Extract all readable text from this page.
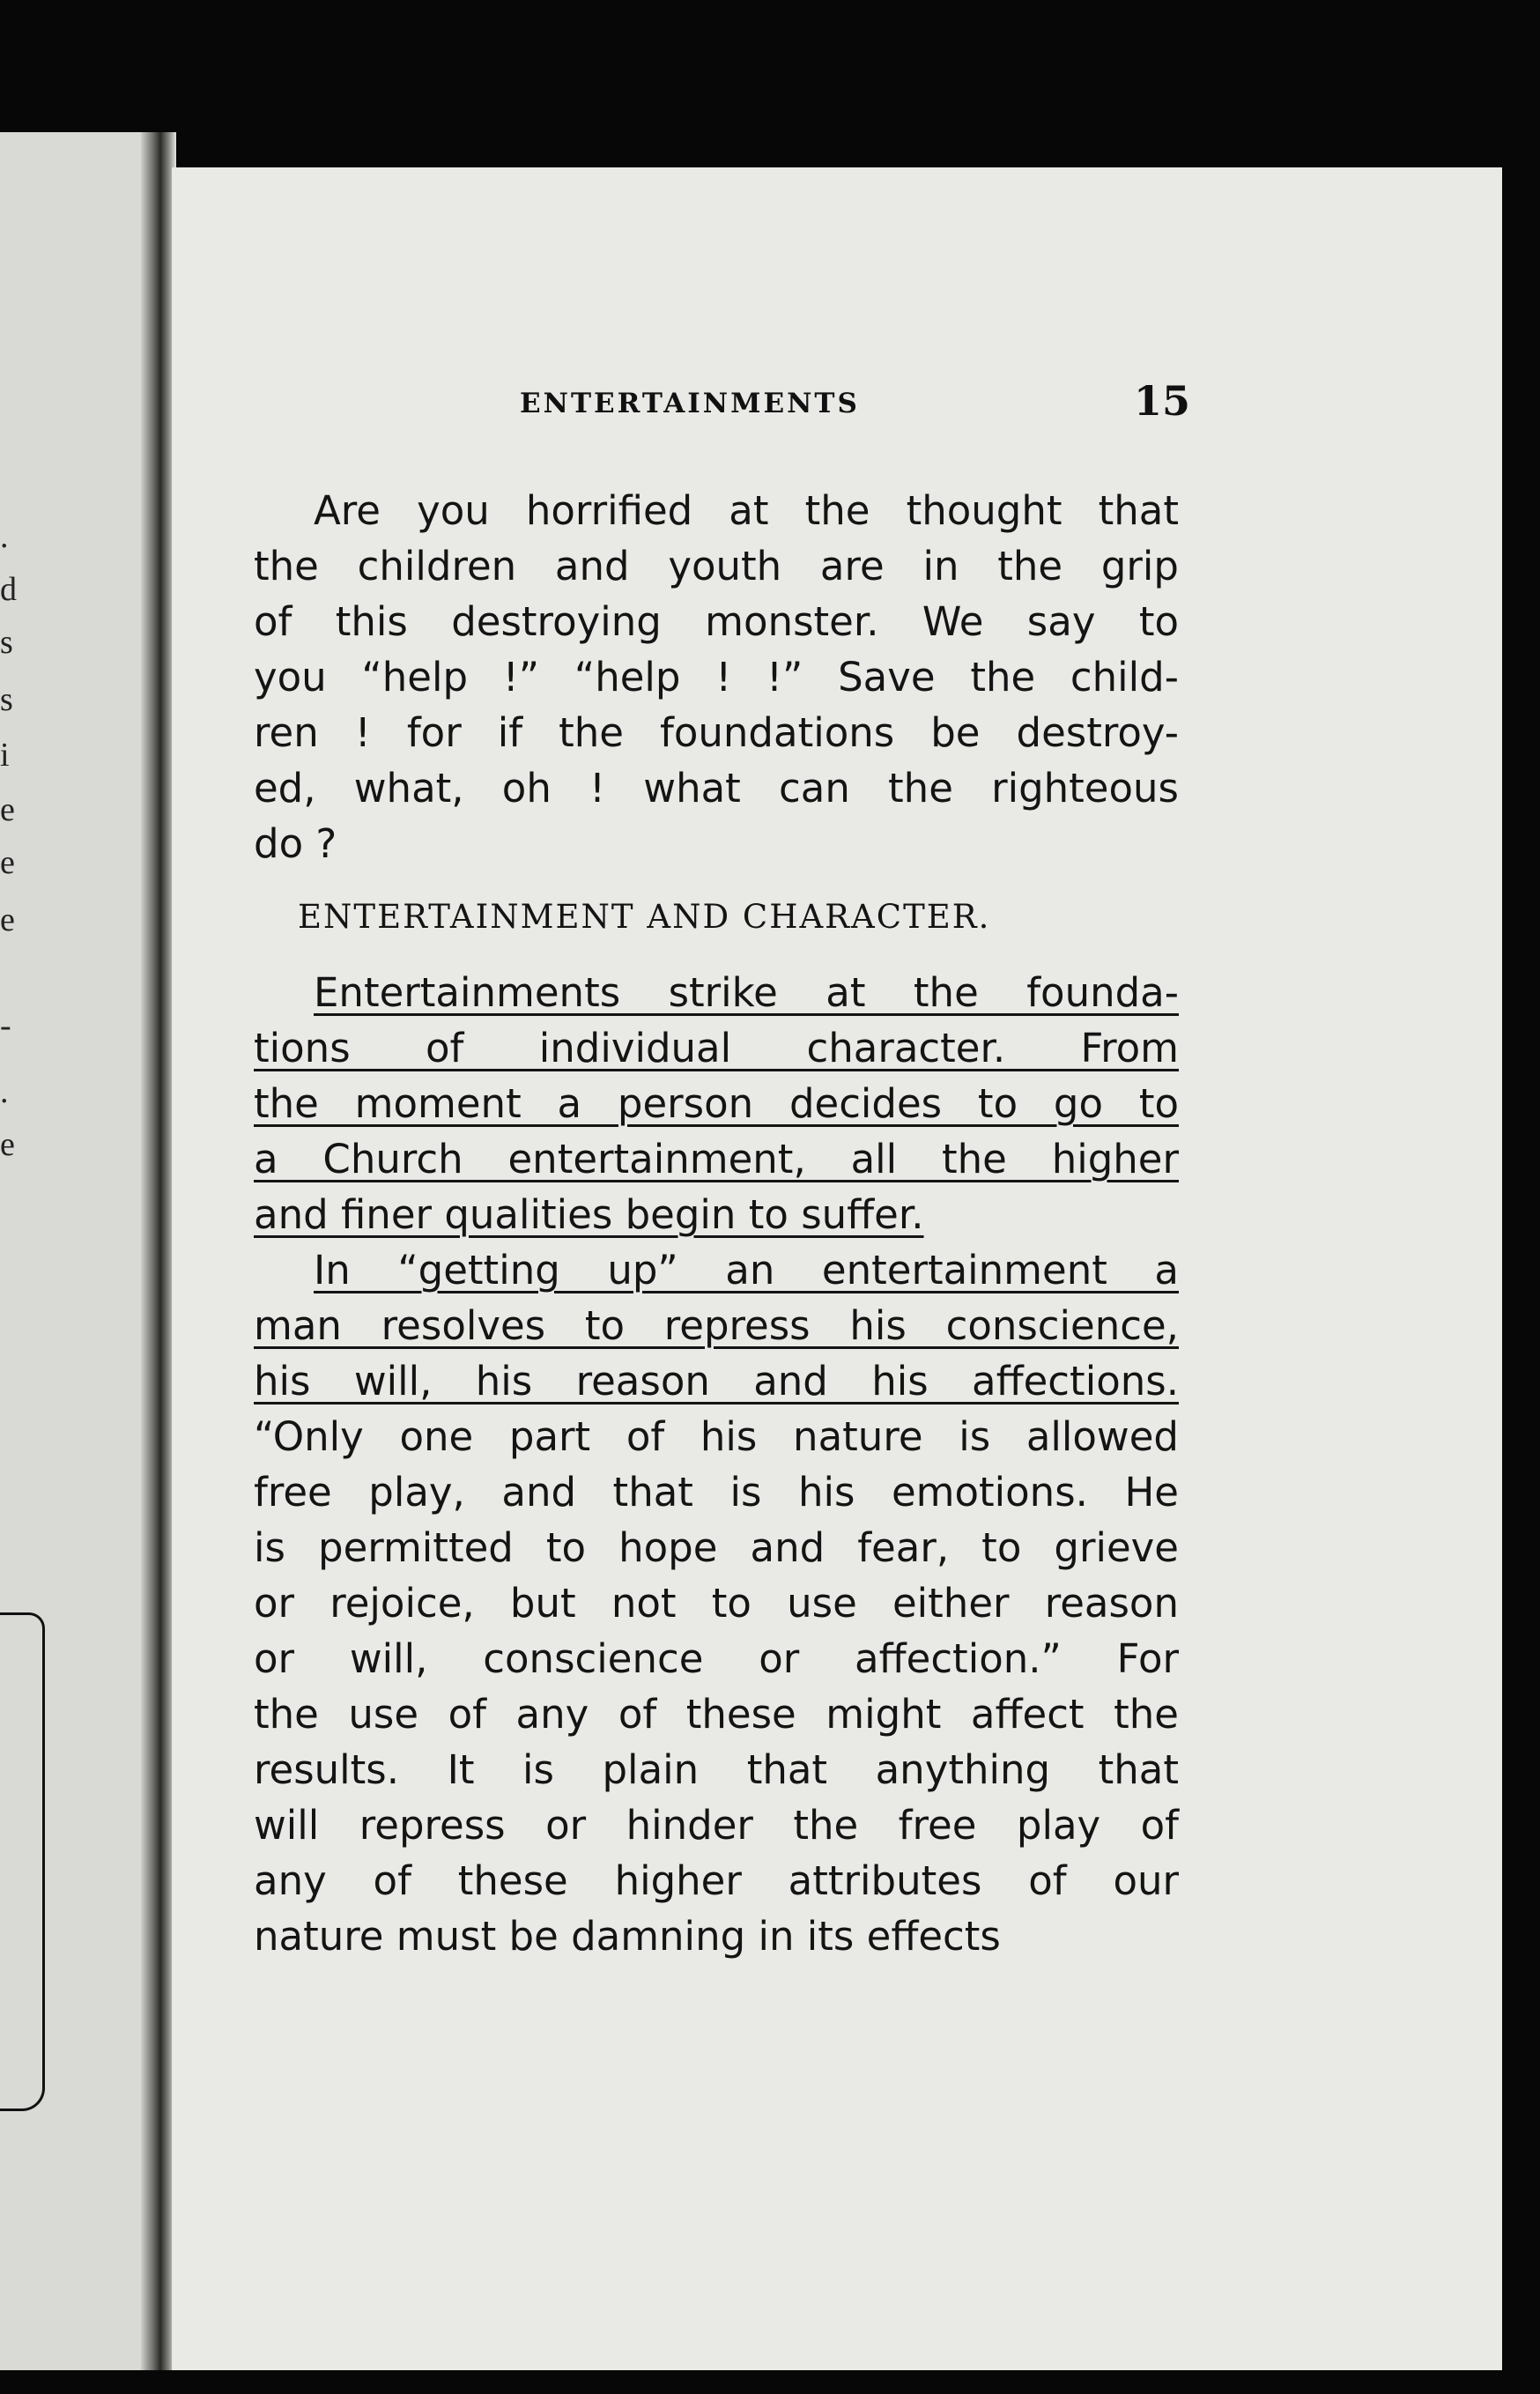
.
d
s
s
i
e
e
e
-
.
e
ENTERTAINMENTS	15
Are you horrified at the thought that
the children and youth are in the grip
of this destroying monster. We say to
you “help !” “help ! !” Save the child-
ren ! for if the foundations be destroy-
ed, what, oh ! what can the righteous
do ?
ENTERTAINMENT AND CHARACTER.
Entertainments strike at the founda-
tions of individual character. From
the moment a person decides to go to
a Church entertainment, all the higher
and finer qualities begin to suffer.
In “getting up” an entertainment a
man resolves to repress his conscience,
his will, his reason and his affections.
“Only one part of his nature is allowed
free play, and that is his emotions. He
is permitted to hope and fear, to grieve
or rejoice, but not to use either reason
or will, conscience or affection.” For
the use of any of these might affect the
results. It is plain that anything that
will repress or hinder the free play of
any of these higher attributes of our
nature must be damning in its effects
